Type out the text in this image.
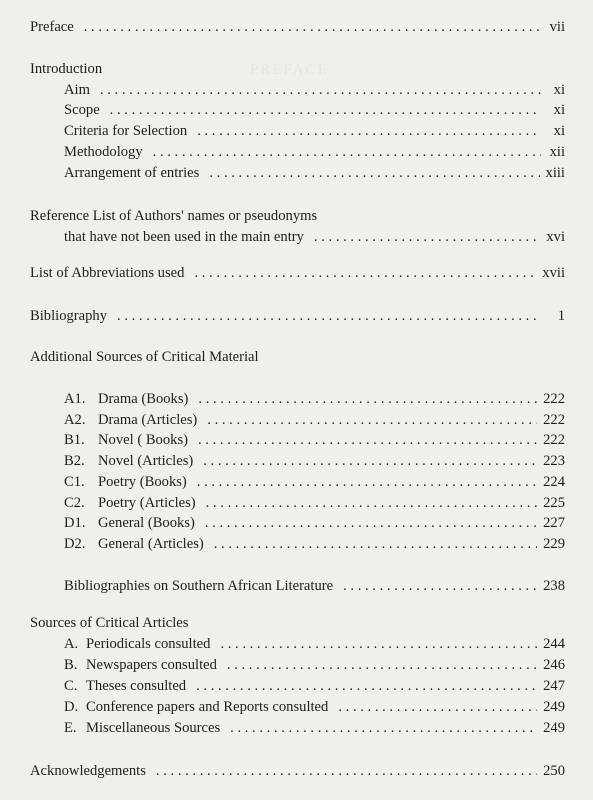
PREFACE
Preface . . .	vii
Introduction
Aim . . .	xi
Scope . . .	xi
Criteria for Selection . . .	xi
Methodology . . .	xii
Arrangement of entries . . .	xiii
Reference List of Authors' names or pseudonyms
that have not been used in the main entry . . .	xvi
List of Abbreviations used . . .	xvii
Bibliography . . .	1
Additional Sources of Critical Material
A1. Drama (Books) . . .	222
A2. Drama (Articles) . . .	222
B1. Novel ( Books) . . .	222
B2. Novel (Articles) . . .	223
C1. Poetry (Books) . . .	224
C2. Poetry (Articles) . . .	225
D1. General (Books) . . .	227
D2. General (Articles) . . .	229
Bibliographies on Southern African Literature . . .	238
Sources of Critical Articles
A. Periodicals consulted . . .	244
B. Newspapers consulted . . .	246
C. Theses consulted . . .	247
D. Conference papers and Reports consulted . . .	249
E. Miscellaneous Sources . . .	249
Acknowledgements . . .	250
